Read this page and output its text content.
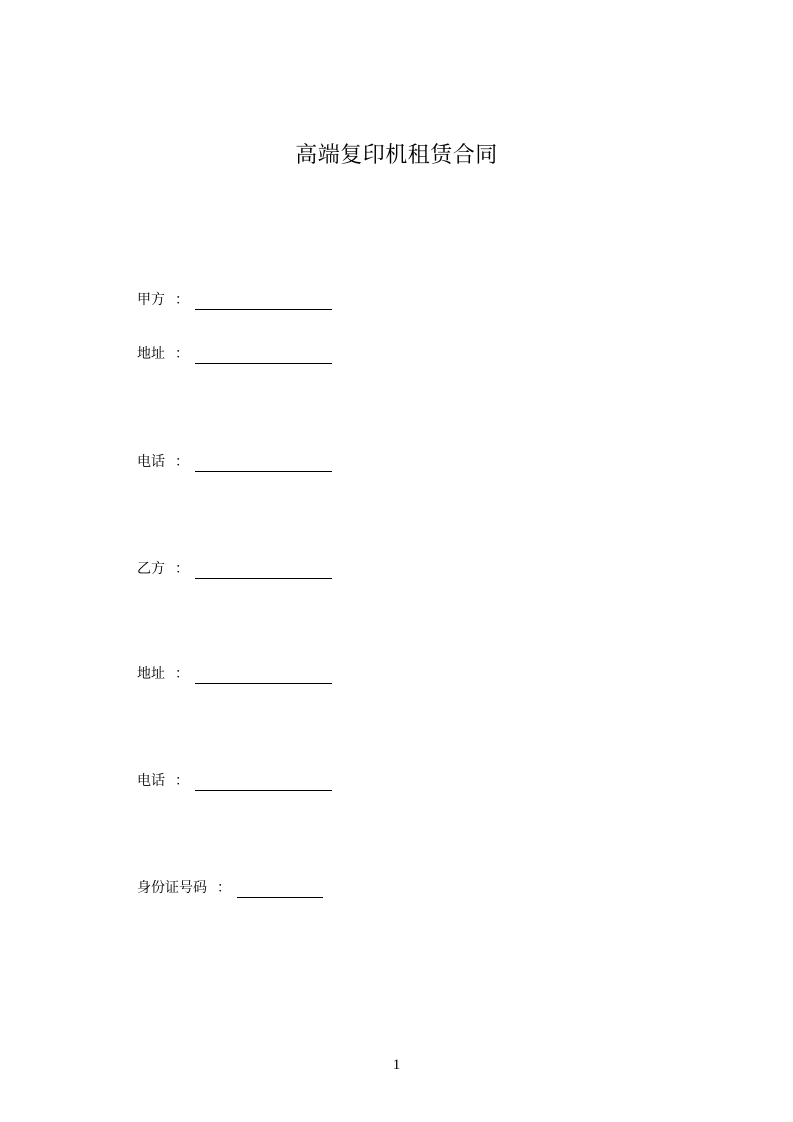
高端复印机租赁合同
甲方 ：
地址 ：
电话 ：
乙方 ：
地址 ：
电话 ：
身份证号码 ：
1
